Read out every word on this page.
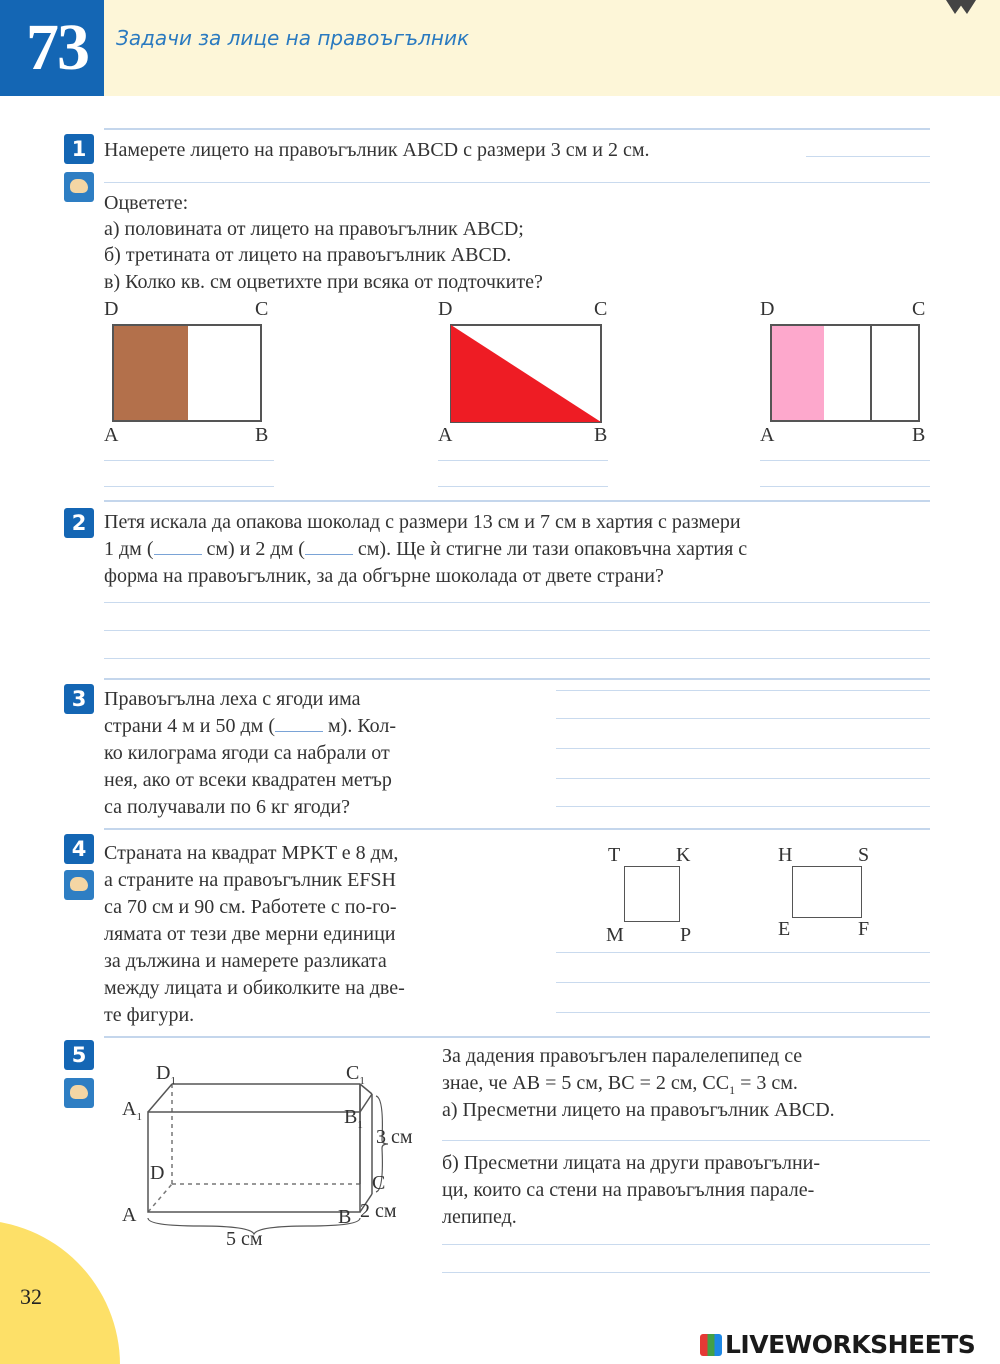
73 Задачи за лице на правоъгълник
1 Намерете лицето на правоъгълник ABCD с размери 3 см и 2 см.
Оцветете:
а) половината от лицето на правоъгълник ABCD;
б) третината от лицето на правоъгълник ABCD.
в) Колко кв. см оцветихте при всяка от подточките?
D	C
A	B
D	C
A	B
D	C
A	B
2 Петя искала да опакова шоколад с размери 13 см и 7 см в хартия с размери
1 дм ( см) и 2 дм ( см). Ще ѝ стигне ли тази опаковъчна хартия с
форма на правоъгълник, за да обгърне шоколада от двете страни?
3 Правоъгълна леха с ягоди има
страни 4 м и 50 дм ( м). Кол-
ко килограма ягоди са набрали от
нея, ако от всеки квадратен метър
са получавали по 6 кг ягоди?
4 Страната на квадрат MPKT е 8 дм,
а страните на правоъгълник EFSH
са 70 см и 90 см. Работете с по-го-
лямата от тези две мерни единици
за дължина и намерете разликата
между лицата и обиколките на две-
те фигури.
T	K
M	P
H	S
E	F
5
$D_1$	$C_1$
$A_1$	$B_1$
3 см
D	C
A	B 2 см
5 см
За дадения правоъгълен паралелепипед се
знае, че AB = 5 см, BC = 2 см, $CC_1 = 3$ см.
а) Пресметни лицето на правоъгълник ABCD.
б) Пресметни лицата на други правоъгълни-
ци, които са стени на правоъгълния парале-
лепипед.
32
LIVEWORKSHEETS
